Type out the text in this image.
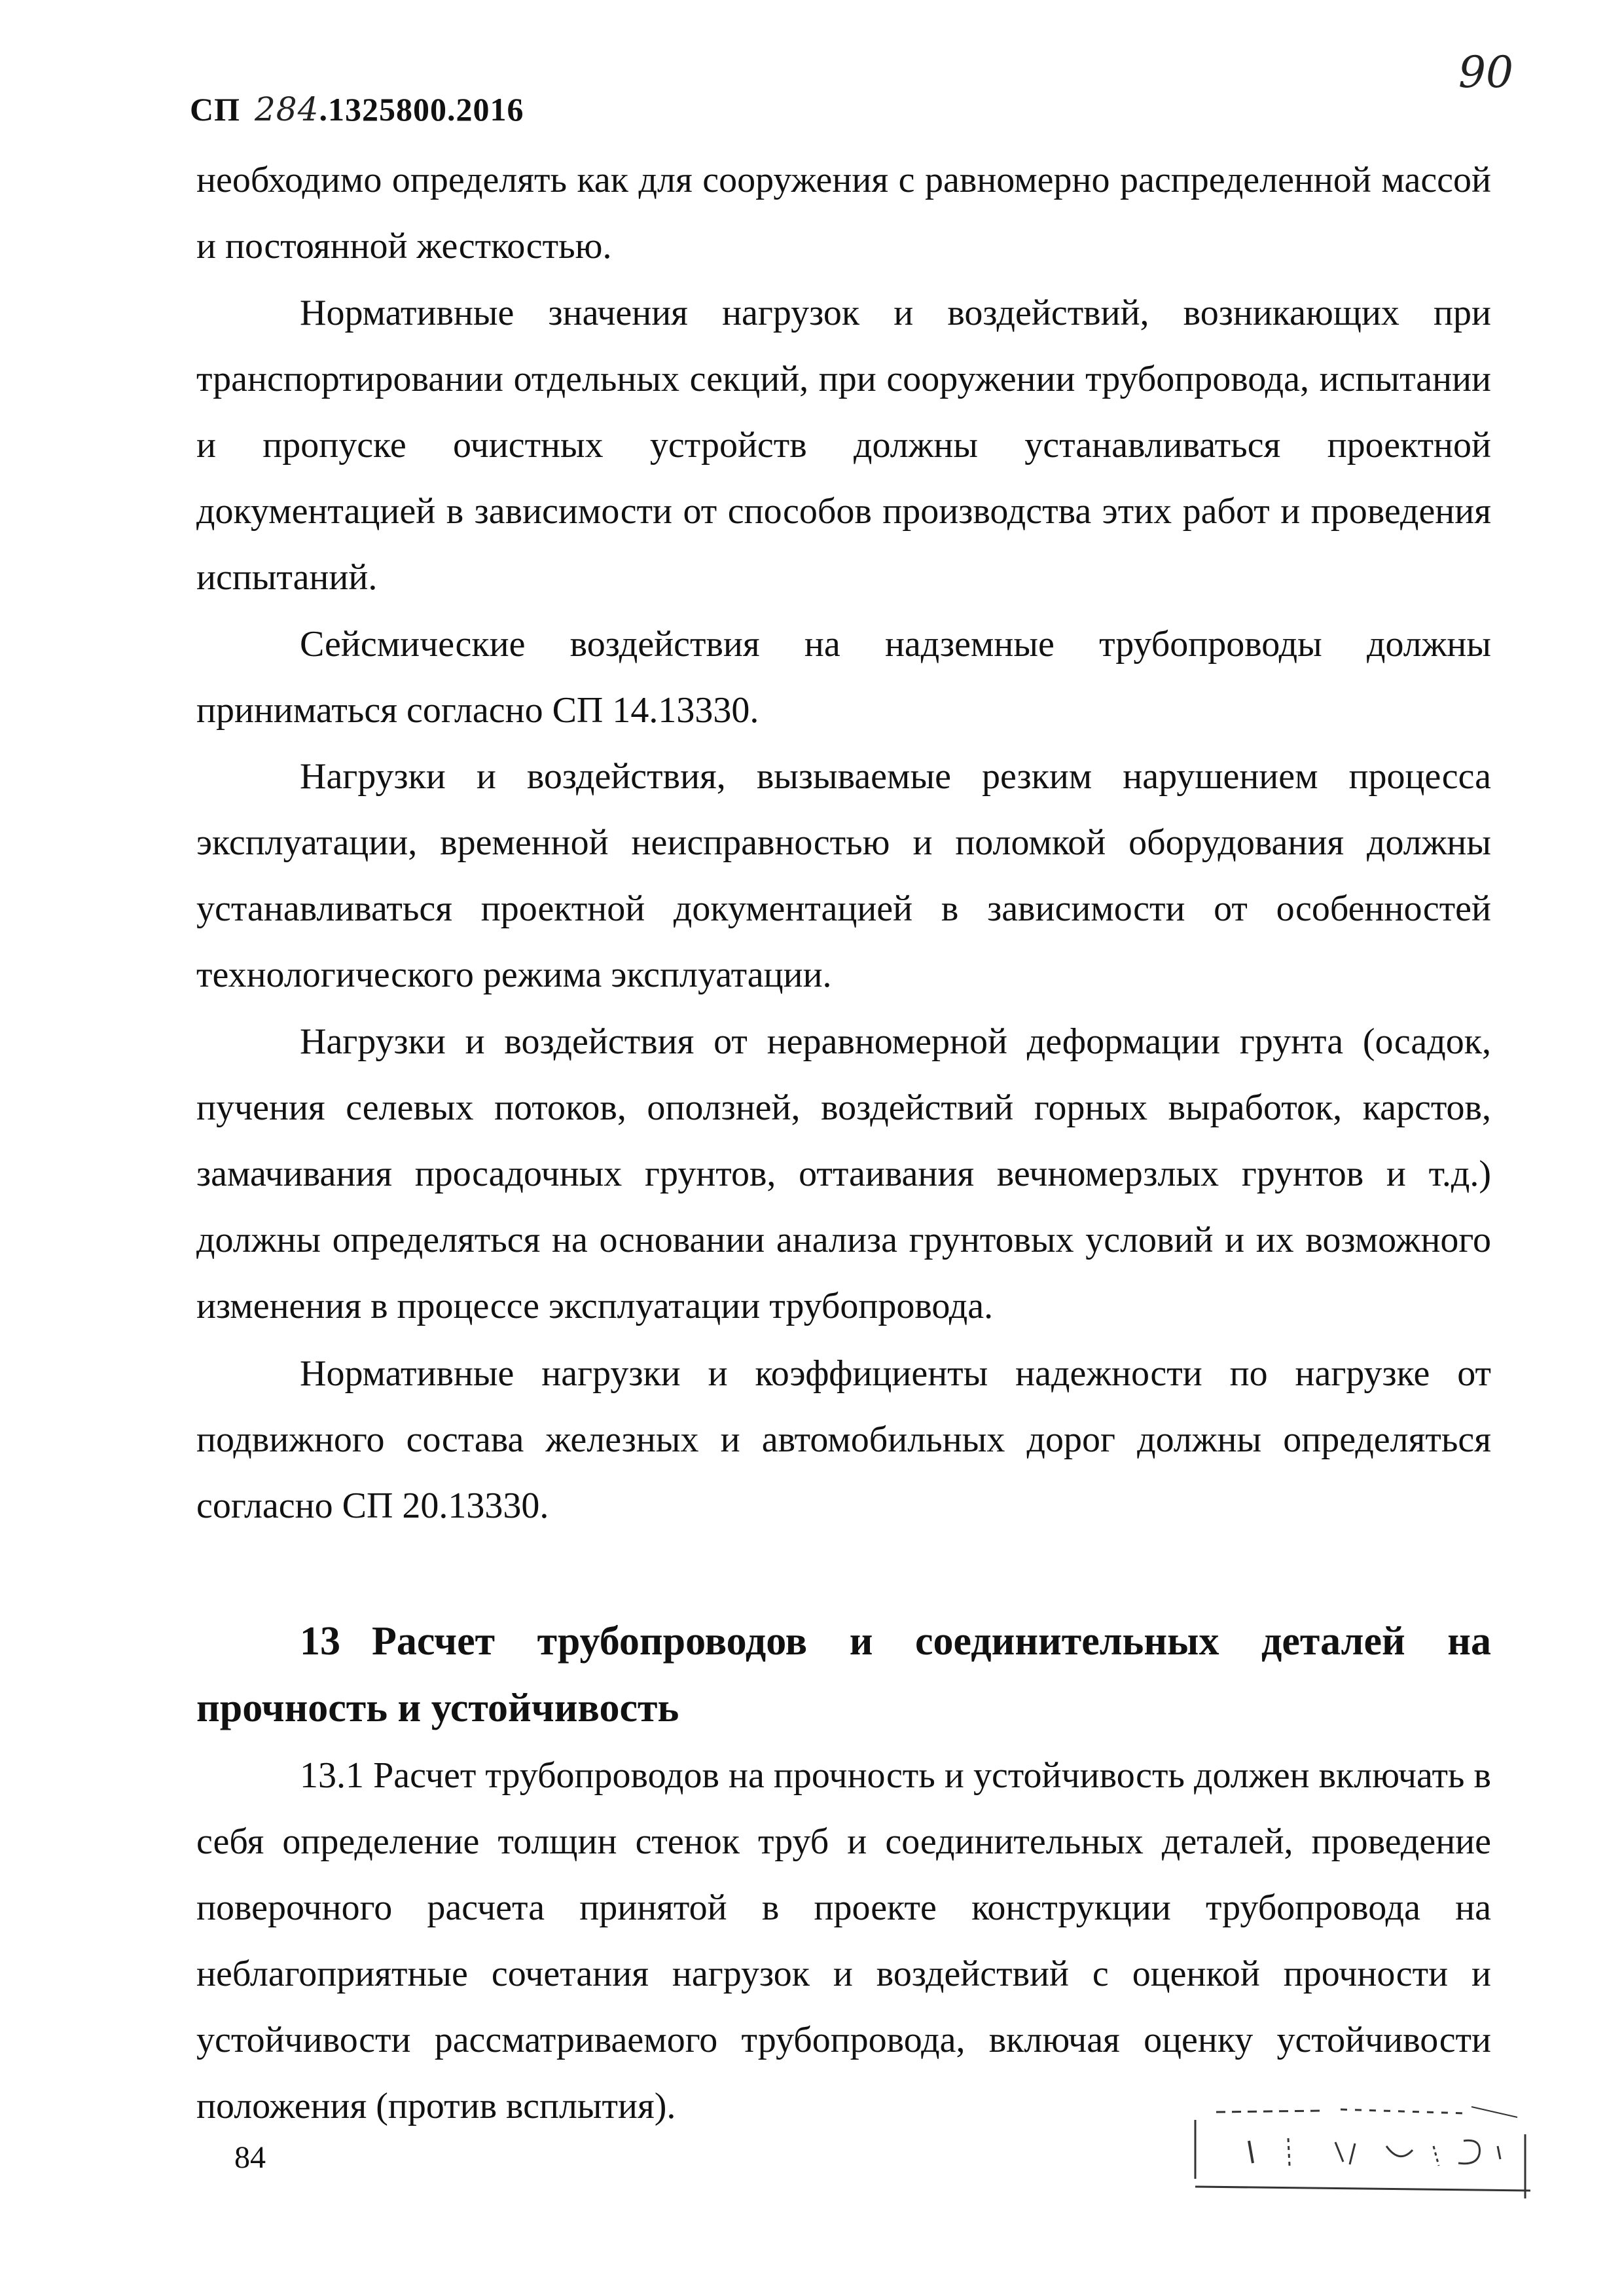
СП 284.1325800.2016
90

необходимо определять как для сооружения с равномерно распределенной массой и постоянной жесткостью.

Нормативные значения нагрузок и воздействий, возникающих при транспортировании отдельных секций, при сооружении трубопровода, испытании и пропуске очистных устройств должны устанавливаться проектной документацией в зависимости от способов производства этих работ и проведения испытаний.

Сейсмические воздействия на надземные трубопроводы должны приниматься согласно СП 14.13330.

Нагрузки и воздействия, вызываемые резким нарушением процесса эксплуатации, временной неисправностью и поломкой оборудования должны устанавливаться проектной документацией в зависимости от особенностей технологического режима эксплуатации.

Нагрузки и воздействия от неравномерной деформации грунта (осадок, пучения селевых потоков, оползней, воздействий горных выработок, карстов, замачивания просадочных грунтов, оттаивания вечномерзлых грунтов и т.д.) должны определяться на основании анализа грунтовых условий и их возможного изменения в процессе эксплуатации трубопровода.

Нормативные нагрузки и коэффициенты надежности по нагрузке от подвижного состава железных и автомобильных дорог должны определяться согласно СП 20.13330.

13 Расчет трубопроводов и соединительных деталей на прочность и устойчивость

13.1 Расчет трубопроводов на прочность и устойчивость должен включать в себя определение толщин стенок труб и соединительных деталей, проведение поверочного расчета принятой в проекте конструкции трубопровода на неблагоприятные сочетания нагрузок и воздействий с оценкой прочности и устойчивости рассматриваемого трубопровода, включая оценку устойчивости положения (против всплытия).

84
